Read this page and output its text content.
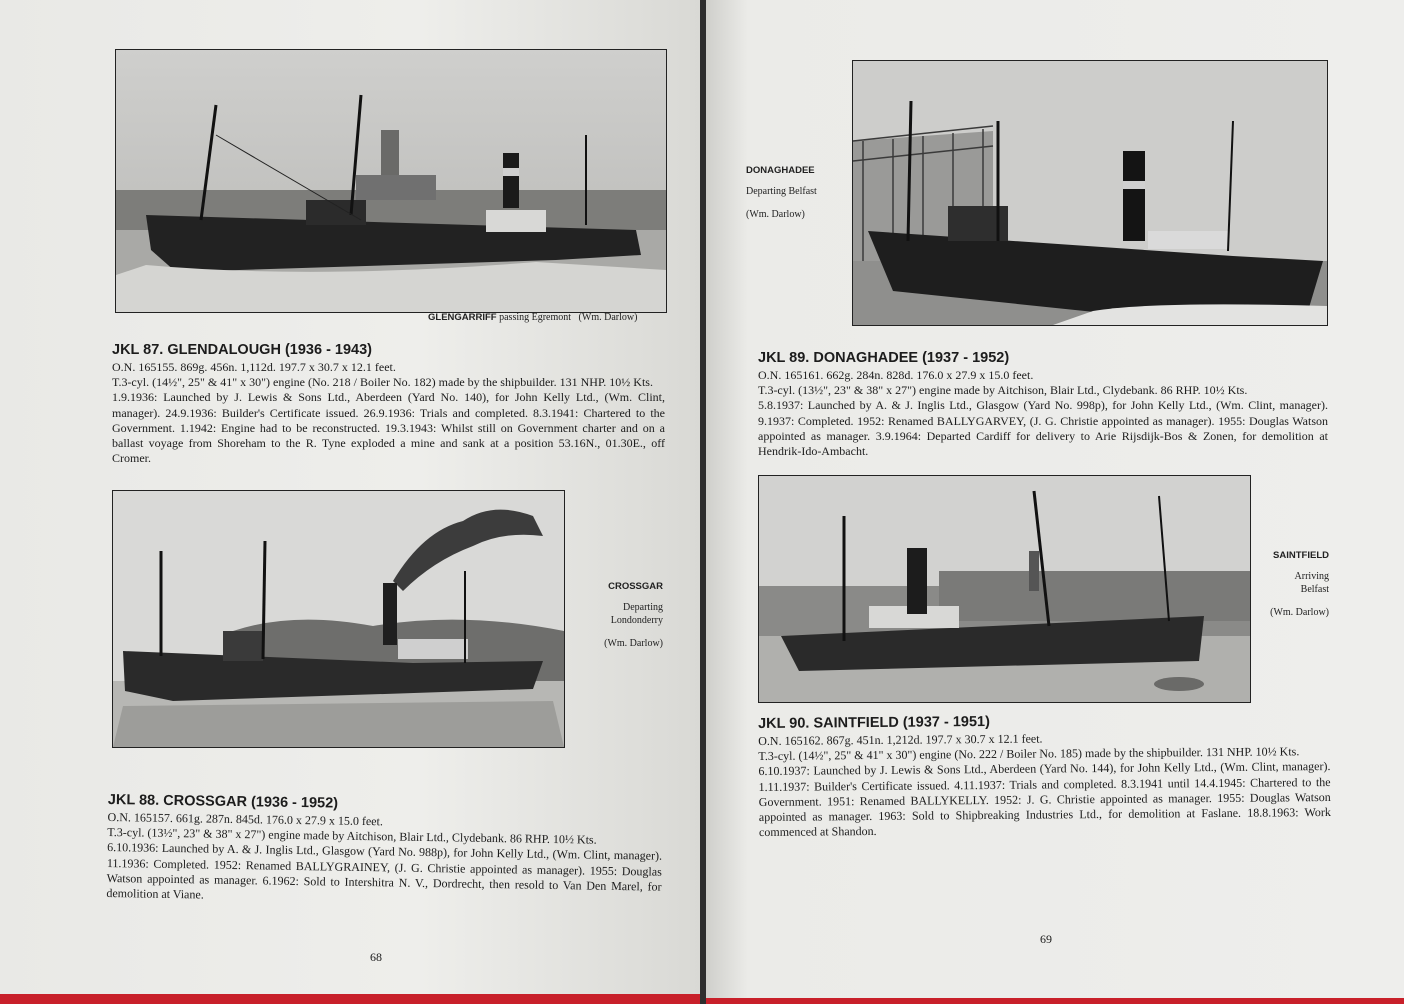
GLENGARRIFF passing Egremont (Wm. Darlow)
JKL 87. GLENDALOUGH (1936 - 1943)

O.N. 165155. 869g. 456n. 1,112d. 197.7 x 30.7 x 12.1 feet.

T.3-cyl. (14½", 25" & 41" x 30") engine (No. 218 / Boiler No. 182) made by the shipbuilder. 131 NHP. 10½ Kts.

1.9.1936: Launched by J. Lewis & Sons Ltd., Aberdeen (Yard No. 140), for John Kelly Ltd., (Wm. Clint, manager). 24.9.1936: Builder's Certificate issued. 26.9.1936: Trials and completed. 8.3.1941: Chartered to the Government. 1.1942: Engine had to be reconstructed. 19.3.1943: Whilst still on Government charter and on a ballast voyage from Shoreham to the R. Tyne exploded a mine and sank at a position 53.16N., 01.30E., off Cromer.

CROSSGAR
Departing
Londonderry
(Wm. Darlow)
JKL 88. CROSSGAR (1936 - 1952)

O.N. 165157. 661g. 287n. 845d. 176.0 x 27.9 x 15.0 feet.

T.3-cyl. (13½", 23" & 38" x 27") engine made by Aitchison, Blair Ltd., Clydebank. 86 RHP. 10½ Kts.

6.10.1936: Launched by A. & J. Inglis Ltd., Glasgow (Yard No. 988p), for John Kelly Ltd., (Wm. Clint, manager). 11.1936: Completed. 1952: Renamed BALLYGRAINEY, (J. G. Christie appointed as manager). 1955: Douglas Watson appointed as manager. 6.1962: Sold to Intershitra N. V., Dordrecht, then resold to Van Den Marel, for demolition at Viane.

68
DONAGHADEE
Departing Belfast
(Wm. Darlow)
JKL 89. DONAGHADEE (1937 - 1952)

O.N. 165161. 662g. 284n. 828d. 176.0 x 27.9 x 15.0 feet.

T.3-cyl. (13½", 23" & 38" x 27") engine made by Aitchison, Blair Ltd., Clydebank. 86 RHP. 10½ Kts.

5.8.1937: Launched by A. & J. Inglis Ltd., Glasgow (Yard No. 998p), for John Kelly Ltd., (Wm. Clint, manager). 9.1937: Completed. 1952: Renamed BALLYGARVEY, (J. G. Christie appointed as manager). 1955: Douglas Watson appointed as manager. 3.9.1964: Departed Cardiff for delivery to Arie Rijsdijk-Bos & Zonen, for demolition at Hendrik-Ido-Ambacht.

SAINTFIELD
Arriving
Belfast
(Wm. Darlow)
JKL 90. SAINTFIELD (1937 - 1951)

O.N. 165162. 867g. 451n. 1,212d. 197.7 x 30.7 x 12.1 feet.

T.3-cyl. (14½", 25" & 41" x 30") engine (No. 222 / Boiler No. 185) made by the shipbuilder. 131 NHP. 10½ Kts.

6.10.1937: Launched by J. Lewis & Sons Ltd., Aberdeen (Yard No. 144), for John Kelly Ltd., (Wm. Clint, manager). 1.11.1937: Builder's Certificate issued. 4.11.1937: Trials and completed. 8.3.1941 until 14.4.1945: Chartered to the Government. 1951: Renamed BALLYKELLY. 1952: J. G. Christie appointed as manager. 1955: Douglas Watson appointed as manager. 1963: Sold to Shipbreaking Industries Ltd., for demolition at Faslane. 18.8.1963: Work commenced at Shandon.

69
